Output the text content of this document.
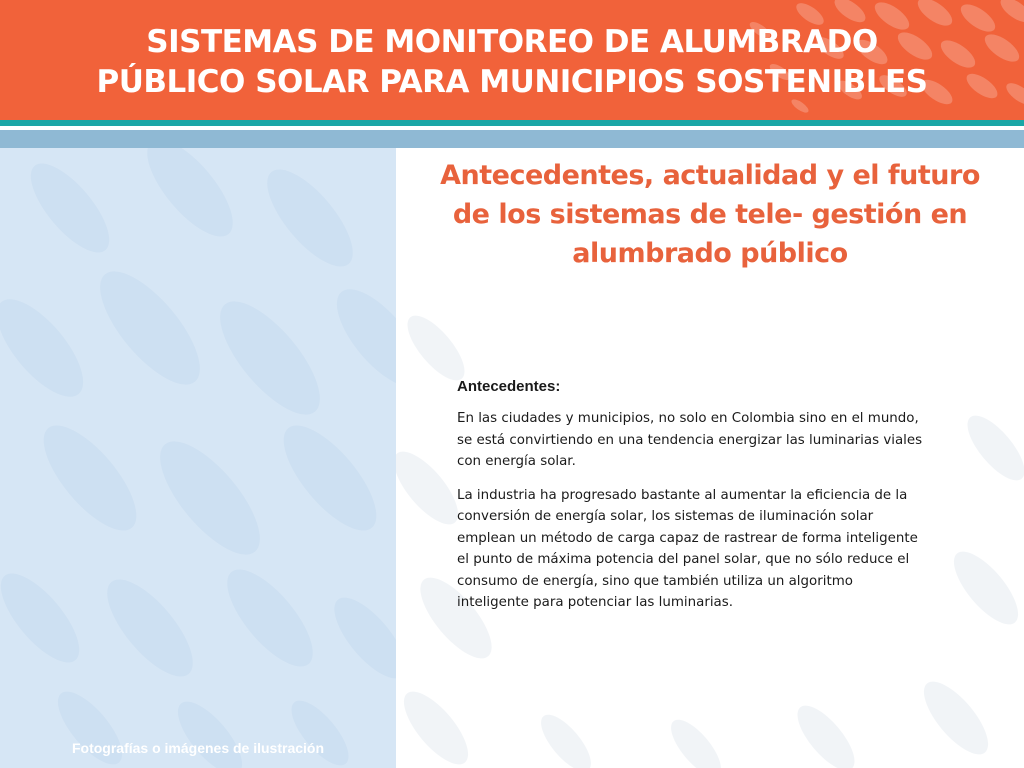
SISTEMAS DE MONITOREO DE ALUMBRADO
PÚBLICO SOLAR PARA MUNICIPIOS SOSTENIBLES
Fotografías o imágenes de ilustración
Antecedentes, actualidad y el futuro
de los sistemas de tele- gestión en
alumbrado público

Antecedentes:

En las ciudades y municipios, no solo en Colombia sino en el mundo, se está convirtiendo en una tendencia energizar las luminarias viales con energía solar.

La industria ha progresado bastante al aumentar la eficiencia de la conversión de energía solar, los sistemas de iluminación solar emplean un método de carga capaz de rastrear de forma inteligente el punto de máxima potencia del panel solar, que no sólo reduce el consumo de energía, sino que también utiliza un algoritmo inteligente para potenciar las luminarias.
